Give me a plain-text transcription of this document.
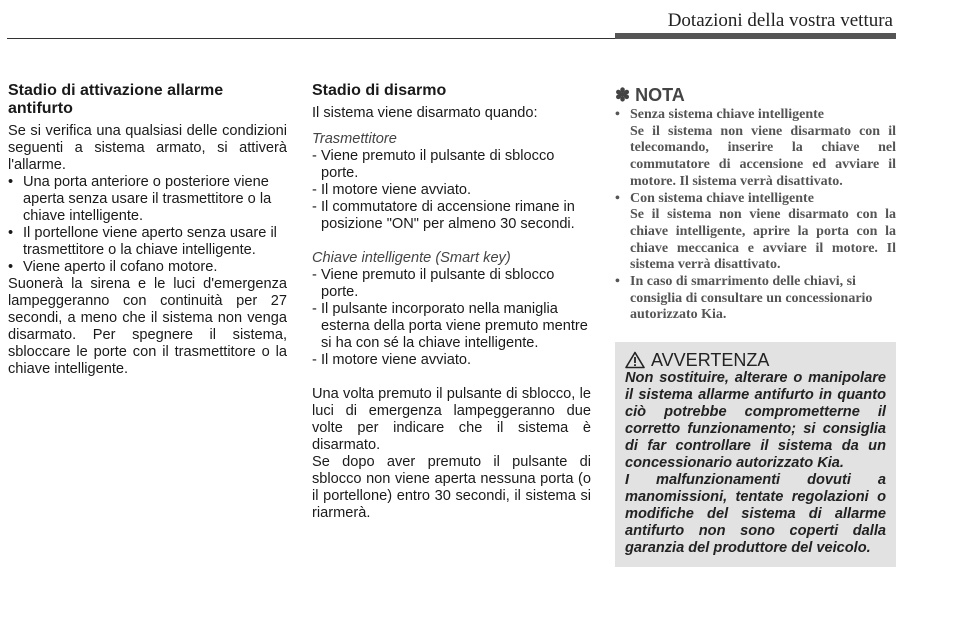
Dotazioni della vostra vettura
Stadio di attivazione allarme antifurto

Se si verifica una qualsiasi delle condizioni seguenti a sistema armato, si attiverà l'allarme.

• Una porta anteriore o posteriore viene aperta senza usare il trasmettitore o la chiave intelligente.
• Il portellone viene aperto senza usare il trasmettitore o la chiave intelligente.
• Viene aperto il cofano motore.

Suonerà la sirena e le luci d'emergenza lampeggeranno con continuità per 27 secondi, a meno che il sistema non venga disarmato. Per spegnere il sistema, sbloccare le porte con il trasmettitore o la chiave intelligente.

Stadio di disarmo

Il sistema viene disarmato quando:

Trasmettitore
- Viene premuto il pulsante di sblocco porte.
- Il motore viene avviato.
- Il commutatore di accensione rimane in posizione "ON" per almeno 30 secondi.
Chiave intelligente (Smart key)
- Viene premuto il pulsante di sblocco porte.
- Il pulsante incorporato nella maniglia esterna della porta viene premuto mentre si ha con sé la chiave intelligente.
- Il motore viene avviato.

Una volta premuto il pulsante di sblocco, le luci di emergenza lampeggeranno due volte per indicare che il sistema è disarmato.

Se dopo aver premuto il pulsante di sblocco non viene aperta nessuna porta (o il portellone) entro 30 secondi, il sistema si riarmerà.

✽ NOTA
• Senza sistema chiave intelligente
Se il sistema non viene disarmato con il telecomando, inserire la chiave nel commutatore di accensione ed avviare il motore. Il sistema verrà disattivato.
• Con sistema chiave intelligente
Se il sistema non viene disarmato con la chiave intelligente, aprire la porta con la chiave meccanica e avviare il motore. Il sistema verrà disattivato.
• In caso di smarrimento delle chiavi, si consiglia di consultare un concessionario autorizzato Kia.
AVVERTENZA

Non sostituire, alterare o manipolare il sistema allarme antifurto in quanto ciò potrebbe comprometterne il corretto funzionamento; si consiglia di far controllare il sistema da un concessionario autorizzato Kia.

I malfunzionamenti dovuti a manomissioni, tentate regolazioni o modifiche del sistema di allarme antifurto non sono coperti dalla garanzia del produttore del veicolo.
